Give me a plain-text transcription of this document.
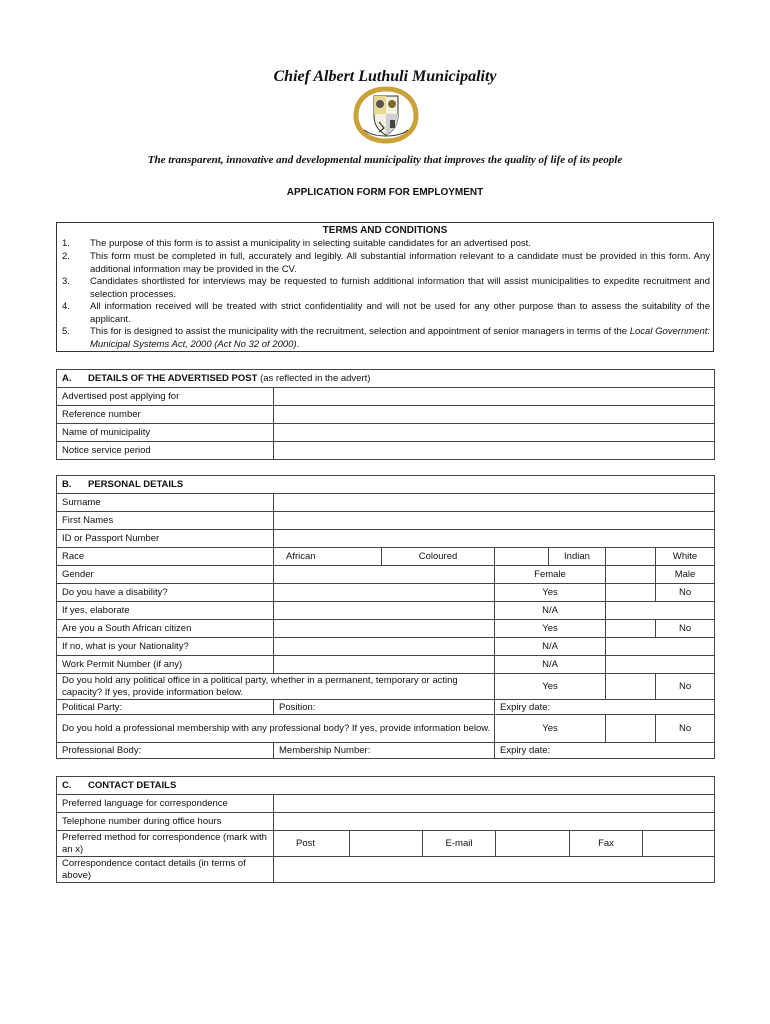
Chief Albert Luthuli Municipality
The transparent, innovative and developmental municipality that improves the quality of life of its people
APPLICATION FORM FOR EMPLOYMENT
TERMS AND CONDITIONS
1.	The purpose of this form is to assist a municipality in selecting suitable candidates for an advertised post.
2.	This form must be completed in full, accurately and legibly. All substantial information relevant to a candidate must be provided in this form. Any additional information may be provided in the CV.
3.	Candidates shortlisted for interviews may be requested to furnish additional information that will assist municipalities to expedite recruitment and selection processes.
4.	All information received will be treated with strict confidentiality and will not be used for any other purpose than to assess the suitability of the applicant.
5.	This for is designed to assist the municipality with the recruitment, selection and appointment of senior managers in terms of the Local Government: Municipal Systems Act, 2000 (Act No 32 of 2000).
A. DETAILS OF THE ADVERTISED POST (as reflected in the advert)	
Advertised post applying for	
Reference number	
Name of municipality	
Notice service period	
B. PERSONAL DETAILS						
Surname						
First Names						
ID or Passport Number						
Race	African	Coloured		Indian		White
Gender			Female			Male
Do you have a disability?			Yes			No
If yes, elaborate			N/A			
Are you a South African citizen			Yes			No
If no, what is your Nationality?			N/A			
Work Permit Number (if any)			N/A			
Do you hold any political office in a political party, whether in a permanent, temporary or acting capacity? If yes, provide information below.			Yes			No
Political Party:	Position:		Expiry date:			
Do you hold a professional membership with any professional body? If yes, provide information below.			Yes			No
Professional Body:	Membership Number:		Expiry date:			
C. CONTACT DETAILS						
Preferred language for correspondence						
Telephone number during office hours						
Preferred method for correspondence (mark with an x)	Post		E-mail		Fax	
Correspondence contact details (in terms of above)						
